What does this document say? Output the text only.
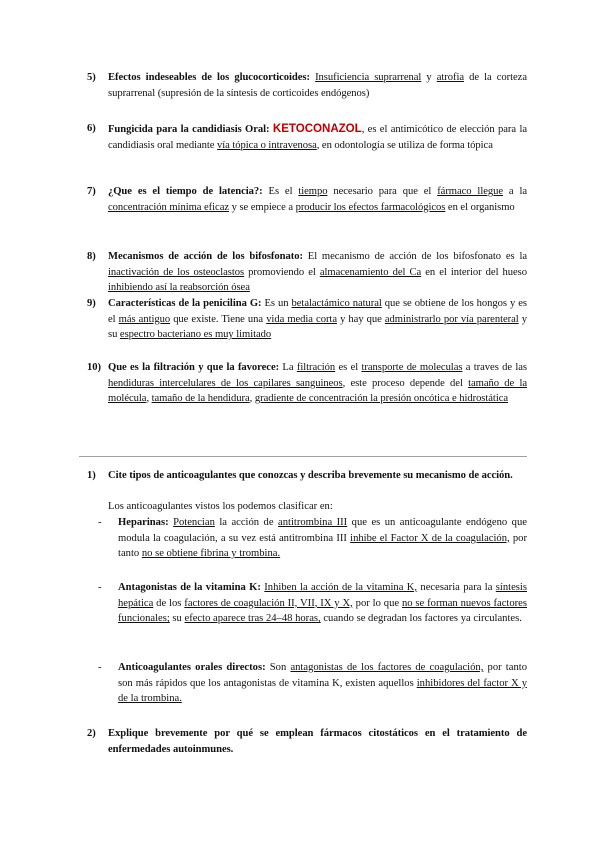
5) Efectos indeseables de los glucocorticoides: Insuficiencia suprarrenal y atrofia de la corteza suprarrenal (supresión de la síntesis de corticoides endógenos)
6) Fungicida para la candidiasis Oral: KETOCONAZOL, es el antimicótico de elección para la candidiasis oral mediante vía tópica o intravenosa, en odontología se utiliza de forma tópica
7) ¿Que es el tiempo de latencia?: Es el tiempo necesario para que el fármaco llegue a la concentración mínima eficaz y se empiece a producir los efectos farmacológicos en el organismo
8) Mecanismos de acción de los bifosfonato: El mecanismo de acción de los bifosfonato es la inactivación de los osteoclastos promoviendo el almacenamiento del Ca en el interior del hueso inhibiendo así la reabsorción ósea
9) Características de la penicilina G: Es un betalactámico natural que se obtiene de los hongos y es el más antiguo que existe. Tiene una vida media corta y hay que administrarlo por vía parenteral y su espectro bacteriano es muy limitado
10) Que es la filtración y que la favorece: La filtración es el transporte de moleculas a traves de las hendiduras intercelulares de los capilares sanguineos, este proceso depende del tamaño de la molécula, tamaño de la hendidura, gradiente de concentración la presión oncótica e hidrostática
1) Cite tipos de anticoagulantes que conozcas y describa brevemente su mecanismo de acción.
Los anticoagulantes vistos los podemos clasificar en:
- Heparinas: Potencian la acción de antitrombina III que es un anticoagulante endógeno que modula la coagulación, a su vez está antitrombina III inhibe el Factor X de la coagulación, por tanto no se obtiene fibrina y trombina.
- Antagonistas de la vitamina K: Inhiben la acción de la vitamina K, necesaria para la síntesis hepática de los factores de coagulación II, VII, IX y X, por lo que no se forman nuevos factores funcionales; su efecto aparece tras 24–48 horas, cuando se degradan los factores ya circulantes.
- Anticoagulantes orales directos: Son antagonistas de los factores de coagulación, por tanto son más rápidos que los antagonistas de vitamina K, existen aquellos inhibidores del factor X y de la trombina.
2) Explique brevemente por qué se emplean fármacos citostáticos en el tratamiento de enfermedades autoinmunes.
